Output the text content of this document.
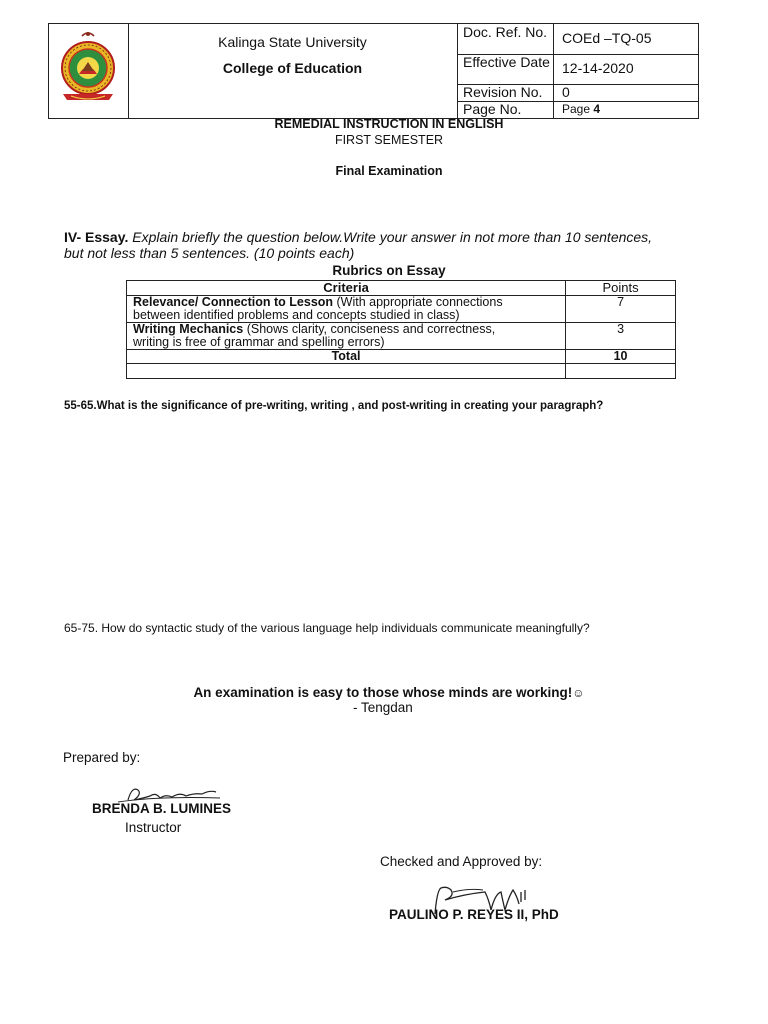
Kalinga State University
College of Education
Doc. Ref. No.	COEd –TQ-05
Effective Date 12-14-2020
Revision No.	0
Page No.	Page 4
REMEDIAL INSTRUCTION IN ENGLISH
FIRST SEMESTER
Final Examination
IV- Essay. Explain briefly the question below.Write your answer in not more than 10 sentences,
but not less than 5 sentences. (10 points each)
Rubrics on Essay
Criteria	Points
Relevance/ Connection to Lesson (With appropriate connections
between identified problems and concepts studied in class)	7
Writing Mechanics (Shows clarity, conciseness and correctness,
writing is free of grammar and spelling errors)	3
Total	10

55-65.What is the significance of pre-writing, writing , and post-writing in creating your paragraph?
65-75. How do syntactic study of the various language help individuals communicate meaningfully?
An examination is easy to those whose minds are working!☺
- Tengdan
Prepared by:
BRENDA B. LUMINES
Instructor
Checked and Approved by:
PAULINO P. REYES II, PhD
